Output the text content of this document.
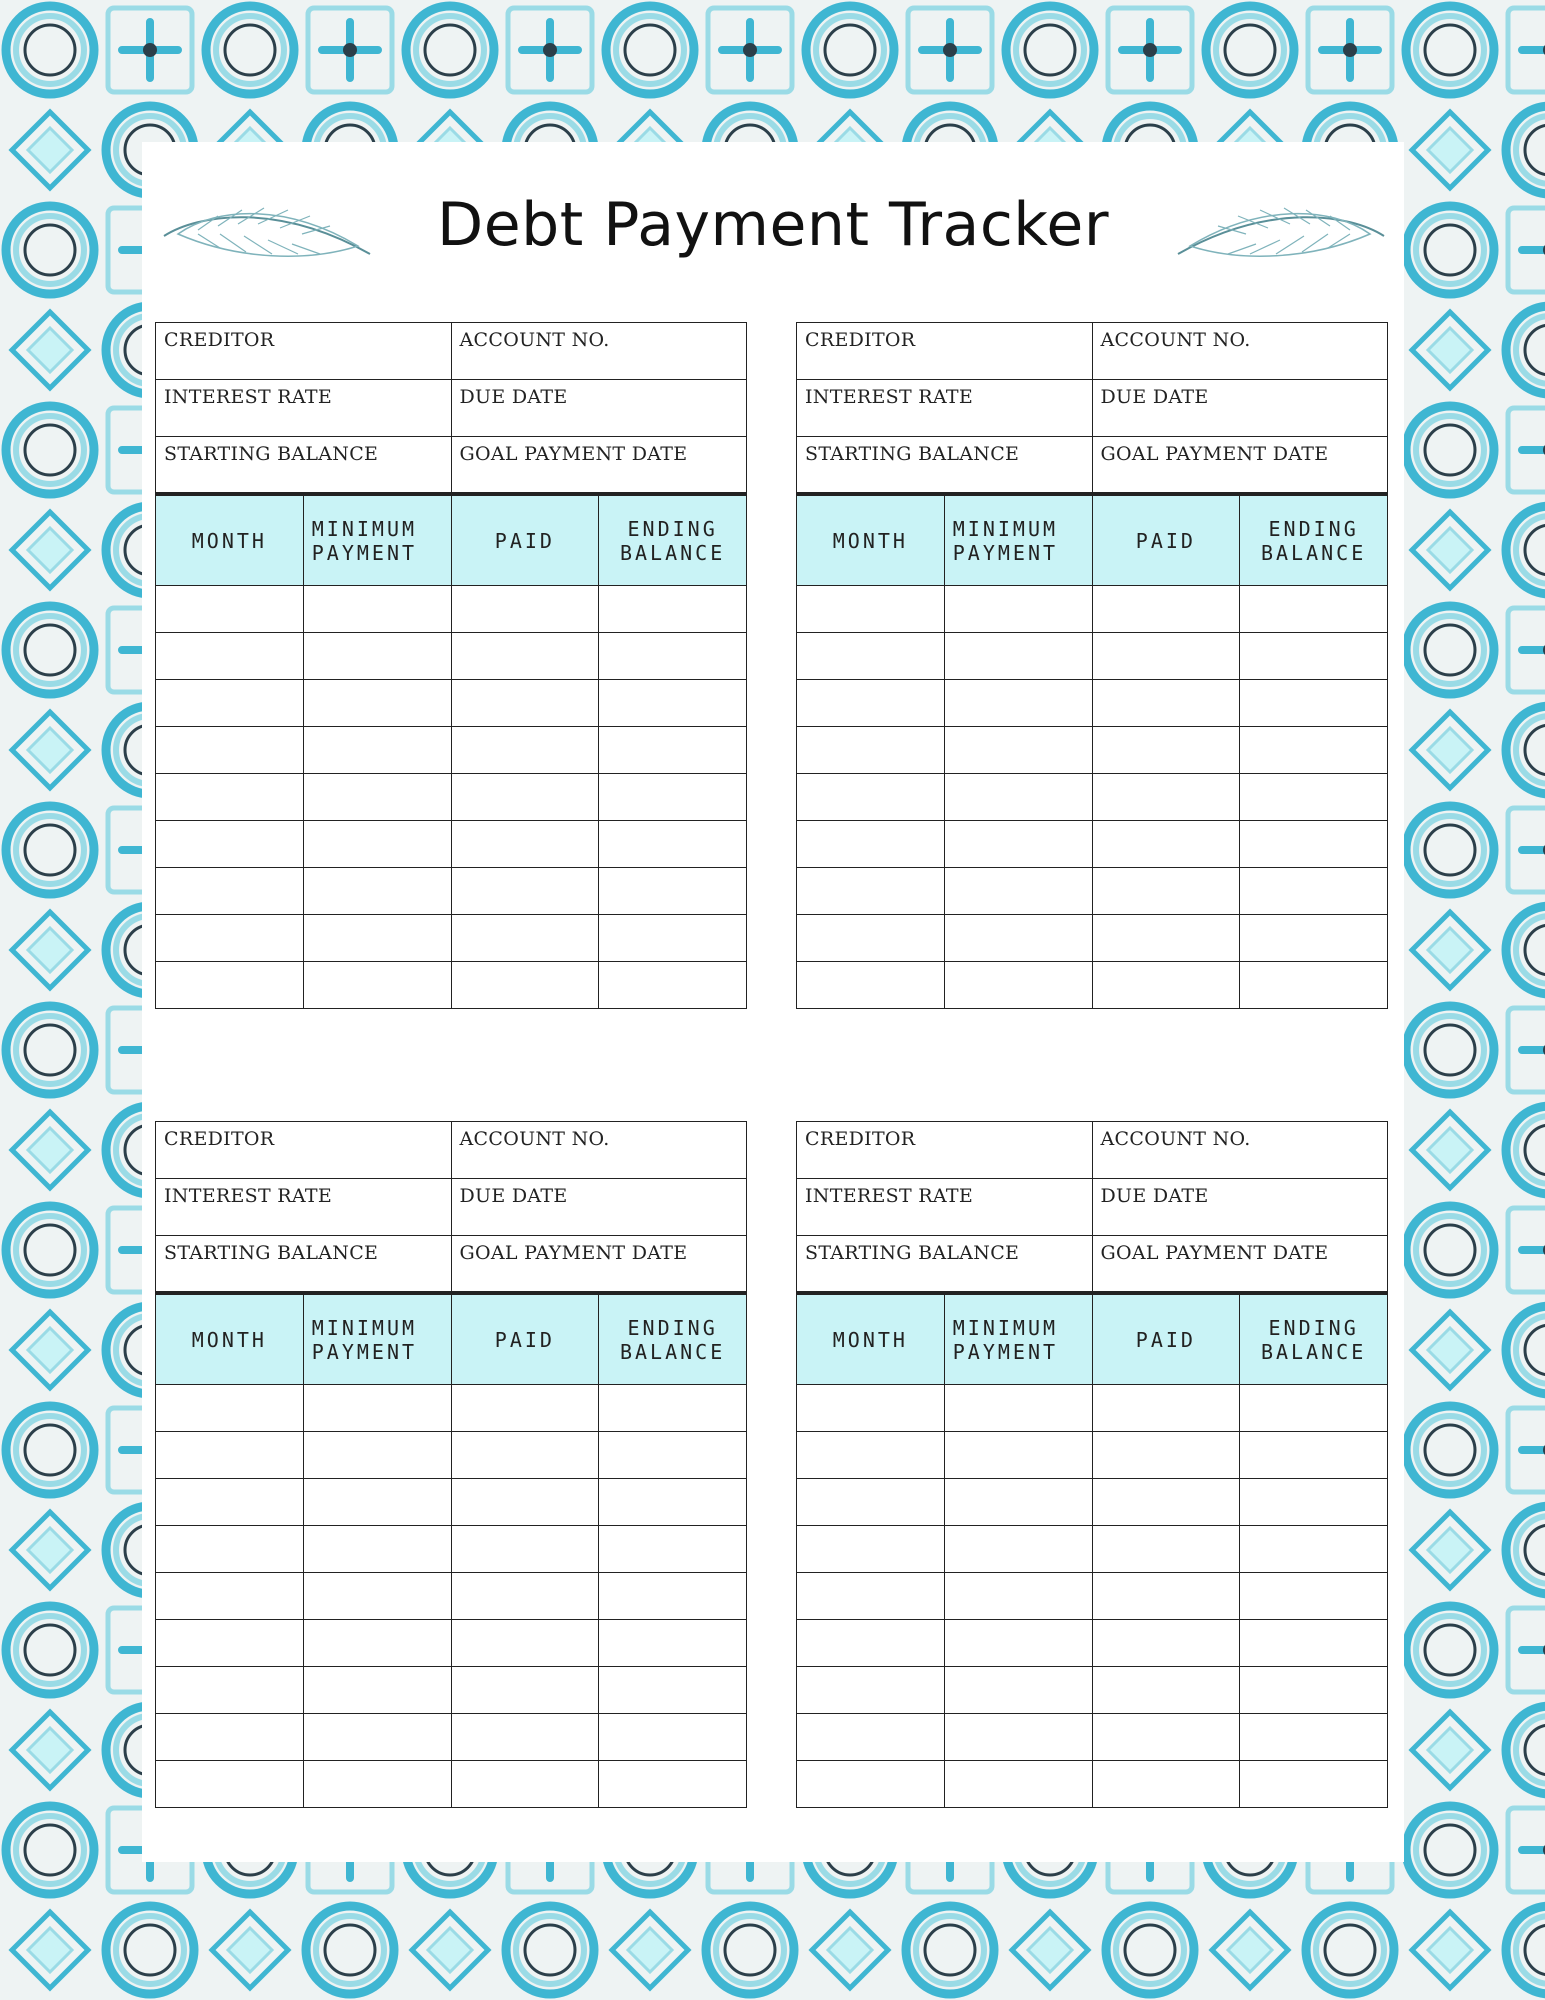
Debt Payment Tracker
CREDITOR	ACCOUNT NO.
INTEREST RATE	DUE DATE
STARTING BALANCE	GOAL PAYMENT DATE
MONTH	MINIMUM PAYMENT	PAID	ENDING BALANCE

CREDITOR	ACCOUNT NO.
INTEREST RATE	DUE DATE
STARTING BALANCE	GOAL PAYMENT DATE
MONTH	MINIMUM PAYMENT	PAID	ENDING BALANCE

CREDITOR	ACCOUNT NO.
INTEREST RATE	DUE DATE
STARTING BALANCE	GOAL PAYMENT DATE
MONTH	MINIMUM PAYMENT	PAID	ENDING BALANCE

CREDITOR	ACCOUNT NO.
INTEREST RATE	DUE DATE
STARTING BALANCE	GOAL PAYMENT DATE
MONTH	MINIMUM PAYMENT	PAID	ENDING BALANCE
